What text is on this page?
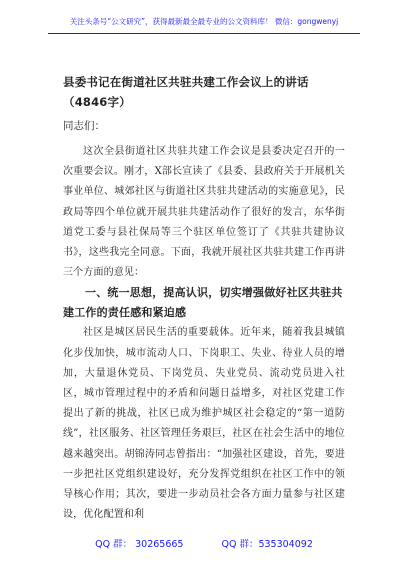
关注头条号“公文研究”，获得最新最全最专业的公文资料库！ 微信：gongwenyj
县委书记在街道社区共驻共建工作会议上的讲话（4846字）

同志们：

这次全县街道社区共驻共建工作会议是县委决定召开的一次重要会议。刚才，X部长宣读了《县委、县政府关于开展机关事业单位、城郊社区与街道社区共驻共建活动的实施意见》，民政局等四个单位就开展共驻共建活动作了很好的发言，东华街道党工委与县社保局等三个驻区单位签订了《共驻共建协议书》，这些我完全同意。下面，我就开展社区共驻共建工作再讲三个方面的意见：

一、统一思想，提高认识，切实增强做好社区共驻共建工作的责任感和紧迫感

社区是城区居民生活的重要载体。近年来，随着我县城镇化步伐加快，城市流动人口、下岗职工、失业、待业人员的增加，大量退休党员、下岗党员、失业党员、流动党员进入社区，城市管理过程中的矛盾和问题日益增多，对社区党建工作提出了新的挑战，社区已成为维护城区社会稳定的“第一道防线”，社区服务、社区管理任务艰巨，社区在社会生活中的地位越来越突出。胡锦涛同志曾指出：“加强社区建设，首先，要进一步把社区党组织建设好，充分发挥党组织在社区工作中的领导核心作用；其次，要进一步动员社会各方面力量参与社区建设，优化配置和利

QQ 群： 30265665	QQ 群：535304092
